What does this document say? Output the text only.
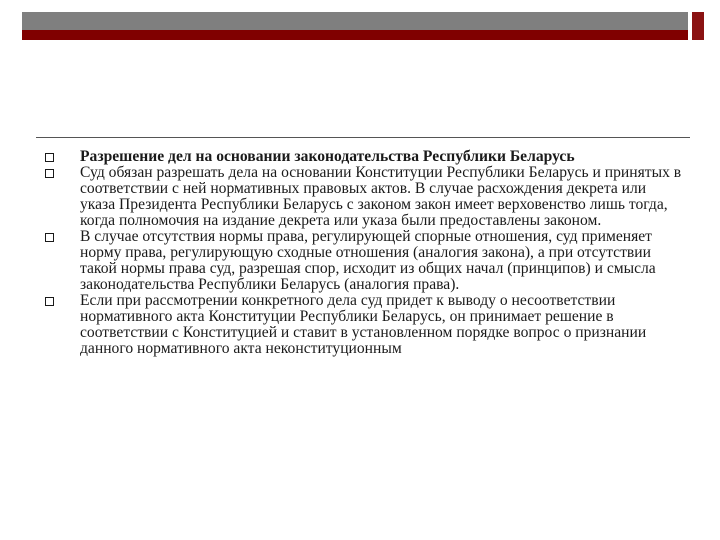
Разрешение дел на основании законодательства Республики Беларусь

Суд обязан разрешать дела на основании Конституции Республики Беларусь и принятых в соответствии с ней нормативных правовых актов. В случае расхождения декрета или указа Президента Республики Беларусь с законом закон имеет верховенство лишь тогда, когда полномочия на издание декрета или указа были предоставлены законом.

В случае отсутствия нормы права, регулирующей спорные отношения, суд применяет норму права, регулирующую сходные отношения (аналогия закона), а при отсутствии такой нормы права суд, разрешая спор, исходит из общих начал (принципов) и смысла законодательства Республики Беларусь (аналогия права).

Если при рассмотрении конкретного дела суд придет к выводу о несоответствии нормативного акта Конституции Республики Беларусь, он принимает решение в соответствии с Конституцией и ставит в установленном порядке вопрос о признании данного нормативного акта неконституционным
